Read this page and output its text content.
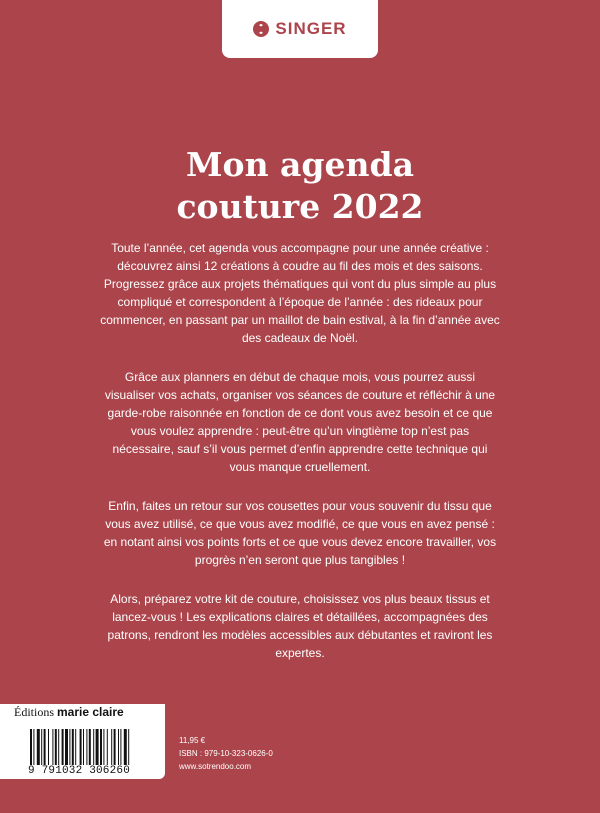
SINGER
Mon agenda
couture 2022

Toute l’année, cet agenda vous accompagne pour une année créative : découvrez ainsi 12 créations à coudre au fil des mois et des saisons. Progressez grâce aux projets thématiques qui vont du plus simple au plus compliqué et correspondent à l’époque de l’année : des rideaux pour commencer, en passant par un maillot de bain estival, à la fin d’année avec des cadeaux de Noël.

Grâce aux planners en début de chaque mois, vous pourrez aussi visualiser vos achats, organiser vos séances de couture et réfléchir à une garde-robe raisonnée en fonction de ce dont vous avez besoin et ce que vous voulez apprendre : peut-être qu’un vingtième top n’est pas nécessaire, sauf s’il vous permet d’enfin apprendre cette technique qui vous manque cruellement.

Enfin, faites un retour sur vos cousettes pour vous souvenir du tissu que vous avez utilisé, ce que vous avez modifié, ce que vous en avez pensé : en notant ainsi vos points forts et ce que vous devez encore travailler, vos progrès n’en seront que plus tangibles !

Alors, préparez votre kit de couture, choisissez vos plus beaux tissus et lancez-vous ! Les explications claires et détaillées, accompagnées des patrons, rendront les modèles accessibles aux débutantes et raviront les expertes.

Éditions marie claire
9 791032 306260
11,95 €
ISBN : 979-10-323-0626-0
www.sotrendoo.com
